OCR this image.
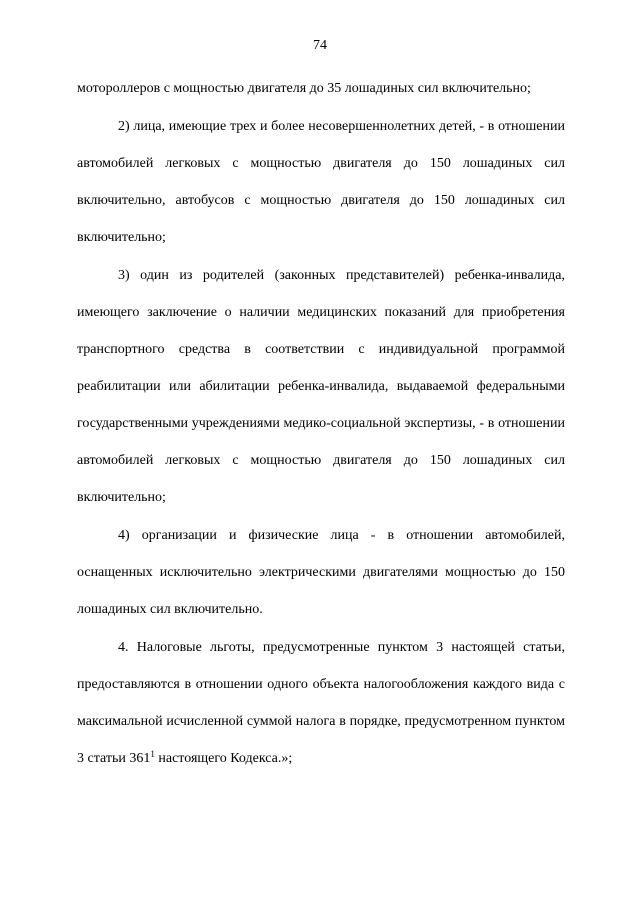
74

мотороллеров с мощностью двигателя до 35 лошадиных сил включительно;

2) лица, имеющие трех и более несовершеннолетних детей, - в отношении автомобилей легковых с мощностью двигателя до 150 лошадиных сил включительно, автобусов с мощностью двигателя до 150 лошадиных сил включительно;

3) один из родителей (законных представителей) ребенка-инвалида, имеющего заключение о наличии медицинских показаний для приобретения транспортного средства в соответствии с индивидуальной программой реабилитации или абилитации ребенка-инвалида, выдаваемой федеральными государственными учреждениями медико-социальной экспертизы, - в отношении автомобилей легковых с мощностью двигателя до 150 лошадиных сил включительно;

4) организации и физические лица - в отношении автомобилей, оснащенных исключительно электрическими двигателями мощностью до 150 лошадиных сил включительно.

4. Налоговые льготы, предусмотренные пунктом 3 настоящей статьи, предоставляются в отношении одного объекта налогообложения каждого вида с максимальной исчисленной суммой налога в порядке, предусмотренном пунктом 3 статьи $361^1$ настоящего Кодекса.»;
